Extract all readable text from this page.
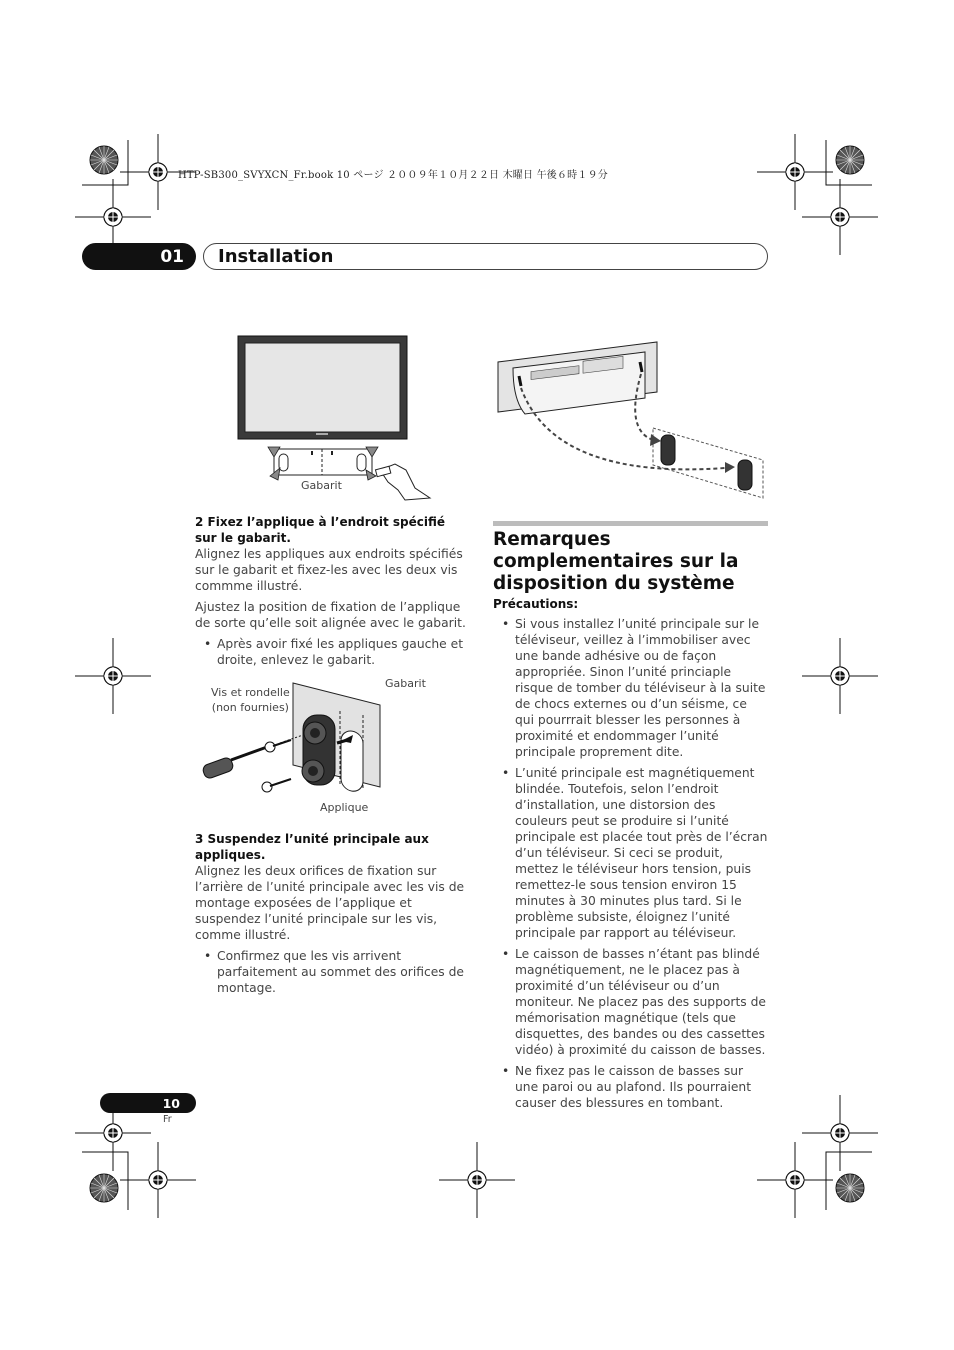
HTP-SB300_SVYXCN_Fr.book 10 ページ ２００９年１０月２２日 木曜日 午後６時１９分
01	Installation
Gabarit
2 Fixez l’applique à l’endroit spécifié sur le gabarit.

Alignez les appliques aux endroits spécifiés sur le gabarit et fixez-les avec les deux vis commme illustré.

Ajustez la position de fixation de l’applique de sorte qu’elle soit alignée avec le gabarit.

• Après avoir fixé les appliques gauche et droite, enlevez le gabarit.
Vis et rondelle
(non fournies)
Gabarit
Applique
3 Suspendez l’unité principale aux appliques.

Alignez les deux orifices de fixation sur l’arrière de l’unité principale avec les vis de montage exposées de l’applique et suspendez l’unité principale sur les vis, comme illustré.

• Confirmez que les vis arrivent parfaitement au sommet des orifices de montage.
Remarques complementaires sur la disposition du système
Précautions:
• Si vous installez l’unité principale sur le téléviseur, veillez à l’immobiliser avec une bande adhésive ou de façon appropriée. Sinon l’unité princiaple risque de tomber du téléviseur à la suite de chocs externes ou d’un séisme, ce qui pourrrait blesser les personnes à proximité et endommager l’unité principale proprement dite.
• L’unité principale est magnétiquement blindée. Toutefois, selon l’endroit d’installation, une distorsion des couleurs peut se produire si l’unité principale est placée tout près de l’écran d’un téléviseur. Si ceci se produit, mettez le téléviseur hors tension, puis remettez-le sous tension environ 15 minutes à 30 minutes plus tard. Si le problème subsiste, éloignez l’unité principale par rapport au téléviseur.
• Le caisson de basses n’étant pas blindé magnétiquement, ne le placez pas à proximité d’un téléviseur ou d’un moniteur. Ne placez pas des supports de mémorisation magnétique (tels que disquettes, des bandes ou des cassettes vidéo) à proximité du caisson de basses.
• Ne fixez pas le caisson de basses sur une paroi ou au plafond. Ils pourraient causer des blessures en tombant.
10
Fr
